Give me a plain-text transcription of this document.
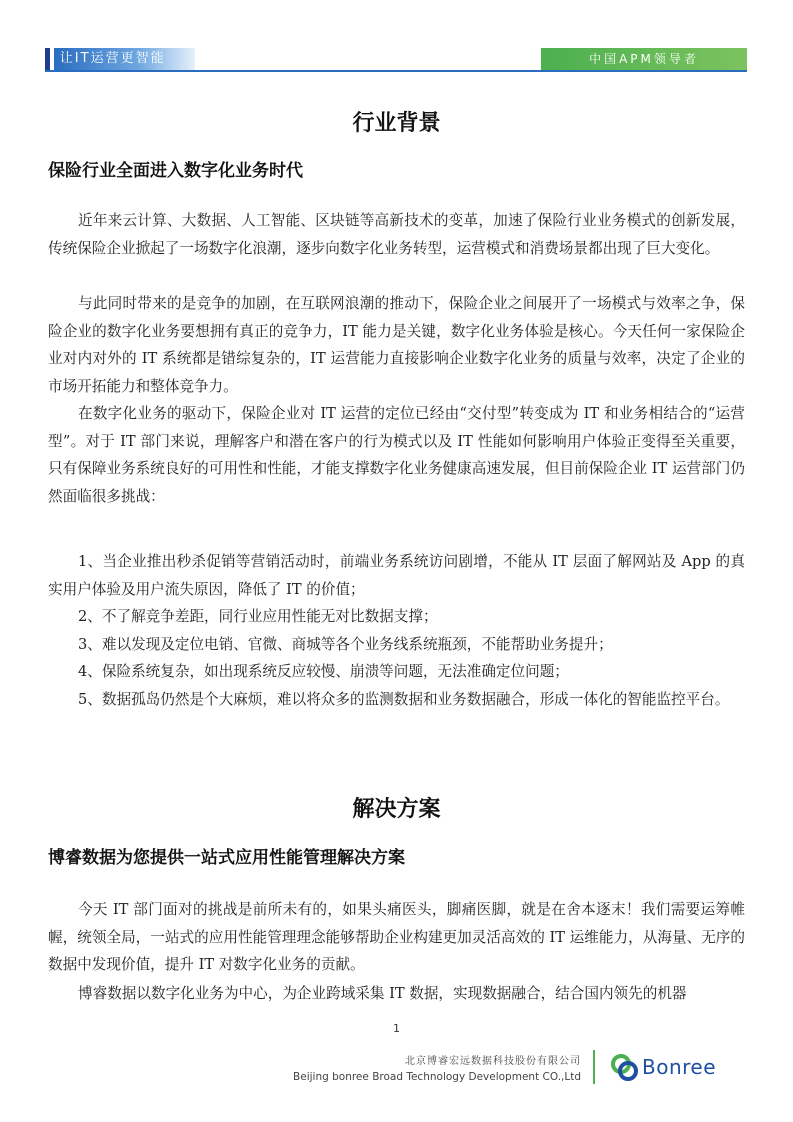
让IT运营更智能	中国APM领导者
行业背景
保险行业全面进入数字化业务时代
近年来云计算、大数据、人工智能、区块链等高新技术的变革，加速了保险行业业务模式的创新发展，传统保险企业掀起了一场数字化浪潮，逐步向数字化业务转型，运营模式和消费场景都出现了巨大变化。
与此同时带来的是竞争的加剧，在互联网浪潮的推动下，保险企业之间展开了一场模式与效率之争，保险企业的数字化业务要想拥有真正的竞争力，IT 能力是关键，数字化业务体验是核心。今天任何一家保险企业对内对外的 IT 系统都是错综复杂的，IT 运营能力直接影响企业数字化业务的质量与效率，决定了企业的市场开拓能力和整体竞争力。
在数字化业务的驱动下，保险企业对 IT 运营的定位已经由“交付型”转变成为 IT 和业务相结合的“运营型”。对于 IT 部门来说，理解客户和潜在客户的行为模式以及 IT 性能如何影响用户体验正变得至关重要，只有保障业务系统良好的可用性和性能，才能支撑数字化业务健康高速发展，但目前保险企业 IT 运营部门仍然面临很多挑战：
1、当企业推出秒杀促销等营销活动时，前端业务系统访问剧增，不能从 IT 层面了解网站及 App 的真实用户体验及用户流失原因，降低了 IT 的价值；
2、不了解竞争差距，同行业应用性能无对比数据支撑；
3、难以发现及定位电销、官微、商城等各个业务线系统瓶颈，不能帮助业务提升；
4、保险系统复杂，如出现系统反应较慢、崩溃等问题，无法准确定位问题；
5、数据孤岛仍然是个大麻烦，难以将众多的监测数据和业务数据融合，形成一体化的智能监控平台。
解决方案
博睿数据为您提供一站式应用性能管理解决方案
今天 IT 部门面对的挑战是前所未有的，如果头痛医头，脚痛医脚，就是在舍本逐末！我们需要运筹帷幄，统领全局，一站式的应用性能管理理念能够帮助企业构建更加灵活高效的 IT 运维能力，从海量、无序的数据中发现价值，提升 IT 对数字化业务的贡献。
博睿数据以数字化业务为中心，为企业跨域采集 IT 数据，实现数据融合，结合国内领先的机器
1
北京博睿宏远数据科技股份有限公司
Beijing bonree Broad Technology Development CO.,Ltd	Bonree
